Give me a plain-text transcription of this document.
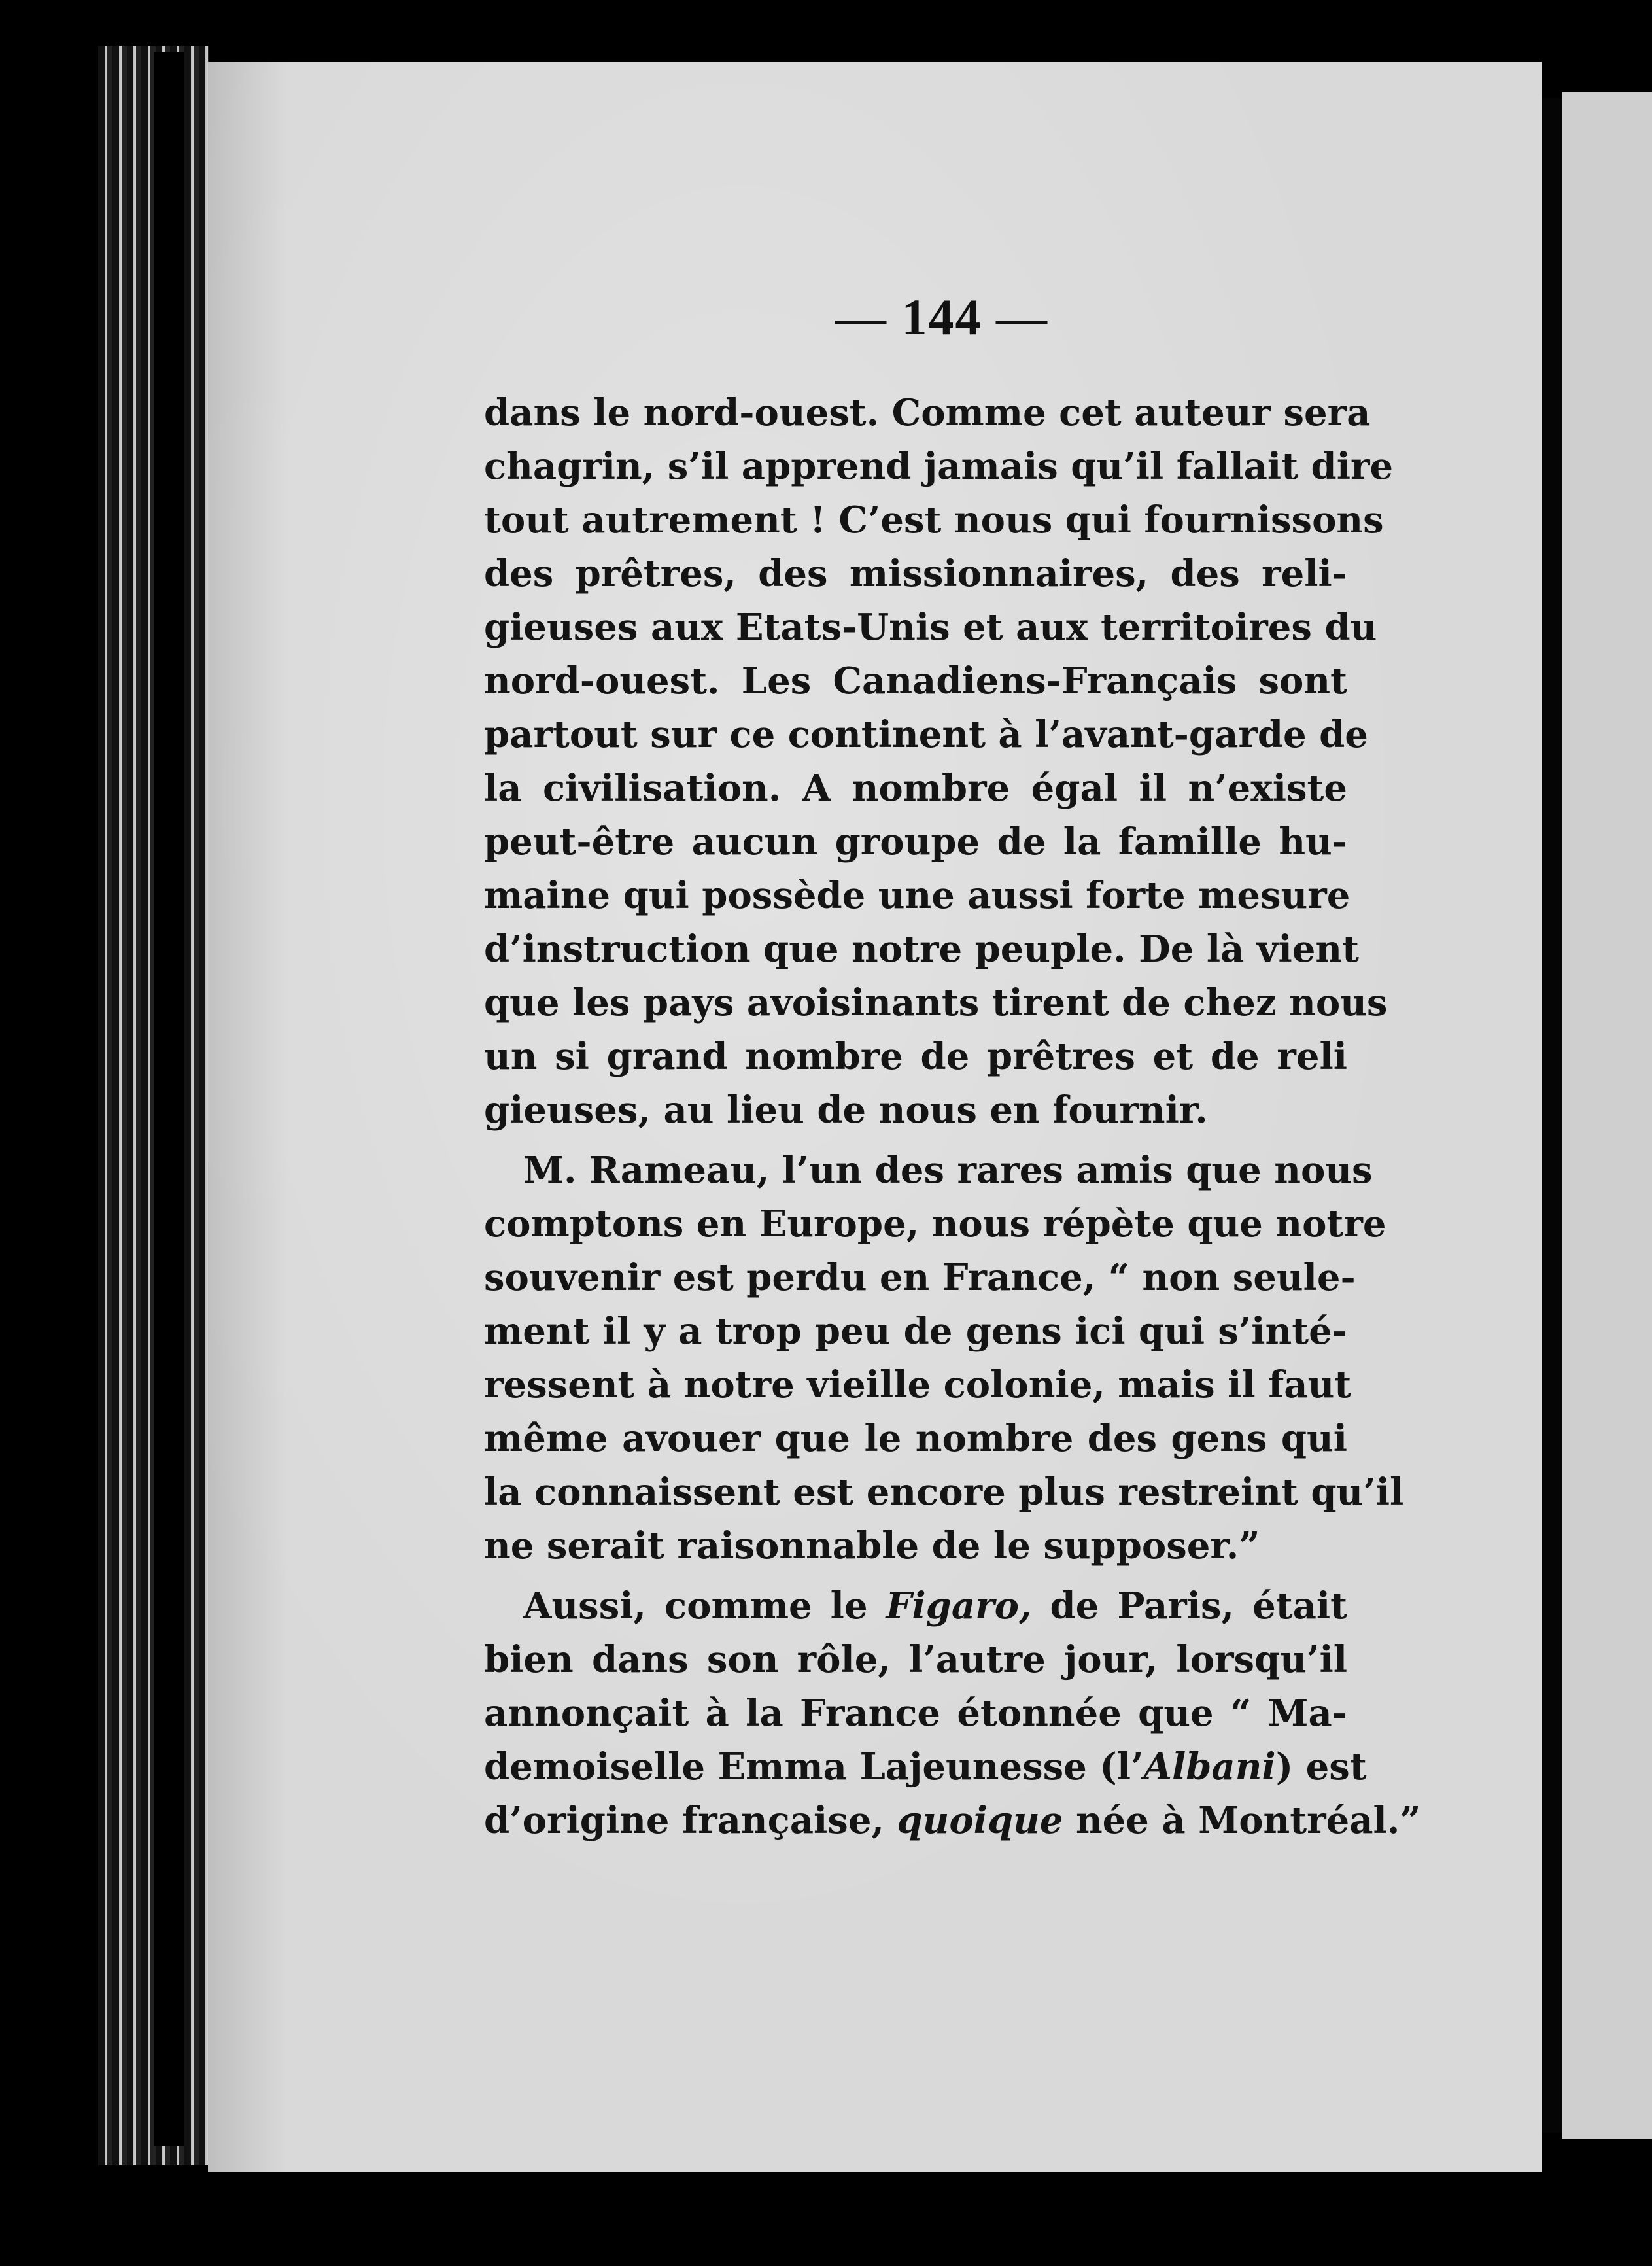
— 144 —
dans le nord-ouest. Comme cet auteur sera
chagrin, s’il apprend jamais qu’il fallait dire
tout autrement ! C’est nous qui fournissons
des prêtres, des missionnaires, des reli-
gieuses aux Etats-Unis et aux territoires du
nord-ouest. Les Canadiens-Français sont
partout sur ce continent à l’avant-garde de
la civilisation. A nombre égal il n’existe
peut-être aucun groupe de la famille hu-
maine qui possède une aussi forte mesure
d’instruction que notre peuple. De là vient
que les pays avoisinants tirent de chez nous
un si grand nombre de prêtres et de reli
gieuses, au lieu de nous en fournir.
M. Rameau, l’un des rares amis que nous
comptons en Europe, nous répète que notre
souvenir est perdu en France, “ non seule-
ment il y a trop peu de gens ici qui s’inté-
ressent à notre vieille colonie, mais il faut
même avouer que le nombre des gens qui
la connaissent est encore plus restreint qu’il
ne serait raisonnable de le supposer.”
Aussi, comme le Figaro, de Paris, était
bien dans son rôle, l’autre jour, lorsqu’il
annonçait à la France étonnée que “ Ma-
demoiselle Emma Lajeunesse (l’Albani) est
d’origine française, quoique née à Montréal.”
